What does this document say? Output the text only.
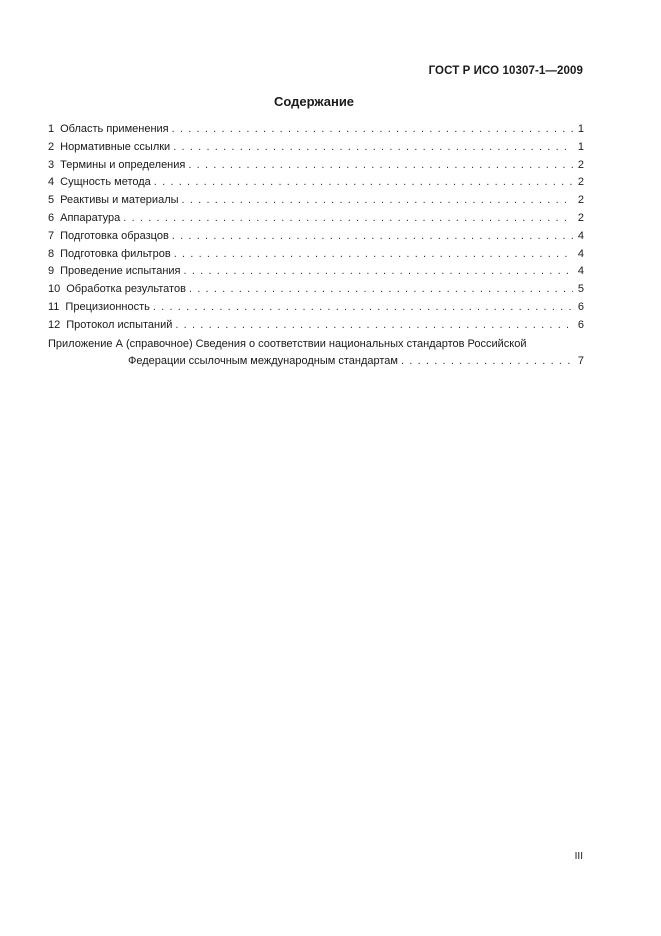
ГОСТ Р ИСО 10307-1—2009
Содержание
1 Область применения . . .	1
2 Нормативные ссылки . . .	1
3 Термины и определения . . .	2
4 Сущность метода . . .	2
5 Реактивы и материалы . . .	2
6 Аппаратура . . .	2
7 Подготовка образцов . . .	4
8 Подготовка фильтров . . .	4
9 Проведение испытания . . .	4
10 Обработка результатов . . .	5
11 Прецизионность . . .	6
12 Протокол испытаний . . .	6
Приложение А (справочное) Сведения о соответствии национальных стандартов Российской
Федерации ссылочным международным стандартам . . .	7
III
